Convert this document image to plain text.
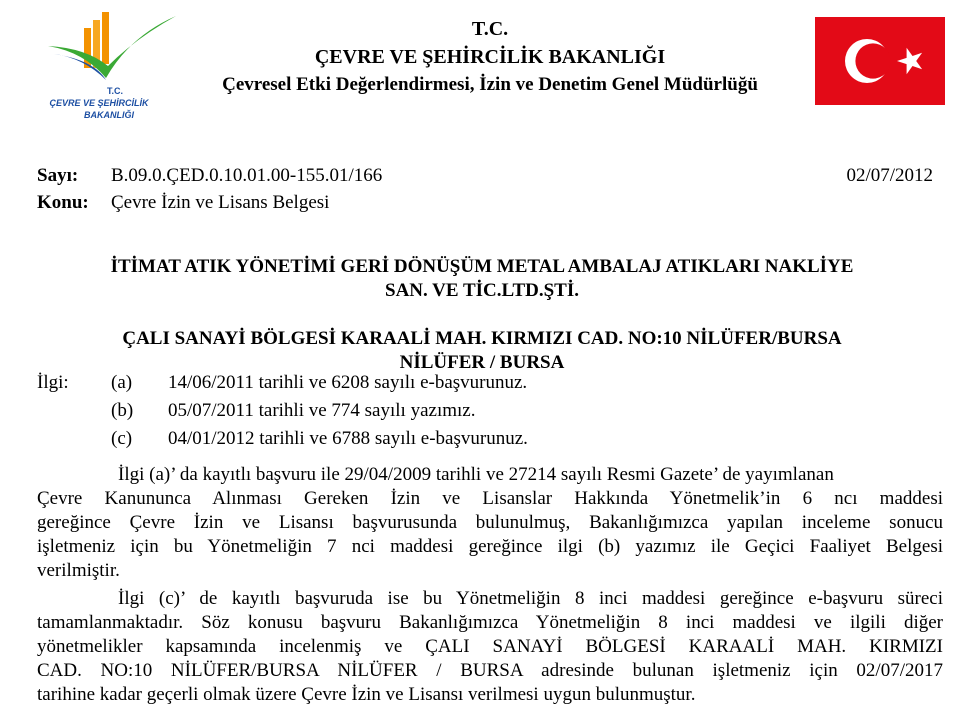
T.C.
ÇEVRE VE ŞEHİRCİLİK
BAKANLIĞI
T.C.
ÇEVRE VE ŞEHİRCİLİK BAKANLIĞI
Çevresel Etki Değerlendirmesi, İzin ve Denetim Genel Müdürlüğü
Sayı: B.09.0.ÇED.0.10.01.00-155.01/166	02/07/2012
Konu: Çevre İzin ve Lisans Belgesi
İTİMAT ATIK YÖNETİMİ GERİ DÖNÜŞÜM METAL AMBALAJ ATIKLARI NAKLİYE
SAN. VE TİC.LTD.ŞTİ.
ÇALI SANAYİ BÖLGESİ KARAALİ MAH. KIRMIZI CAD. NO:10 NİLÜFER/BURSA
NİLÜFER / BURSA
İlgi: (a) 14/06/2011 tarihli ve 6208 sayılı e-başvurunuz.
(b) 05/07/2011 tarihli ve 774 sayılı yazımız.
(c) 04/01/2012 tarihli ve 6788 sayılı e-başvurunuz.
İlgi (a)’ da kayıtlı başvuru ile 29/04/2009 tarihli ve 27214 sayılı Resmi Gazete’ de yayımlanan
Çevre Kanununca Alınması Gereken İzin ve Lisanslar Hakkında Yönetmelik’in 6 ncı maddesi
gereğince Çevre İzin ve Lisansı başvurusunda bulunulmuş, Bakanlığımızca yapılan inceleme sonucu
işletmeniz için bu Yönetmeliğin 7 nci maddesi gereğince ilgi (b) yazımız ile Geçici Faaliyet Belgesi
verilmiştir.
İlgi (c)’ de kayıtlı başvuruda ise bu Yönetmeliğin 8 inci maddesi gereğince e-başvuru süreci
tamamlanmaktadır. Söz konusu başvuru Bakanlığımızca Yönetmeliğin 8 inci maddesi ve ilgili diğer
yönetmelikler kapsamında incelenmiş ve ÇALI SANAYİ BÖLGESİ KARAALİ MAH. KIRMIZI
CAD. NO:10 NİLÜFER/BURSA NİLÜFER / BURSA adresinde bulunan işletmeniz için 02/07/2017
tarihine kadar geçerli olmak üzere Çevre İzin ve Lisansı verilmesi uygun bulunmuştur.
